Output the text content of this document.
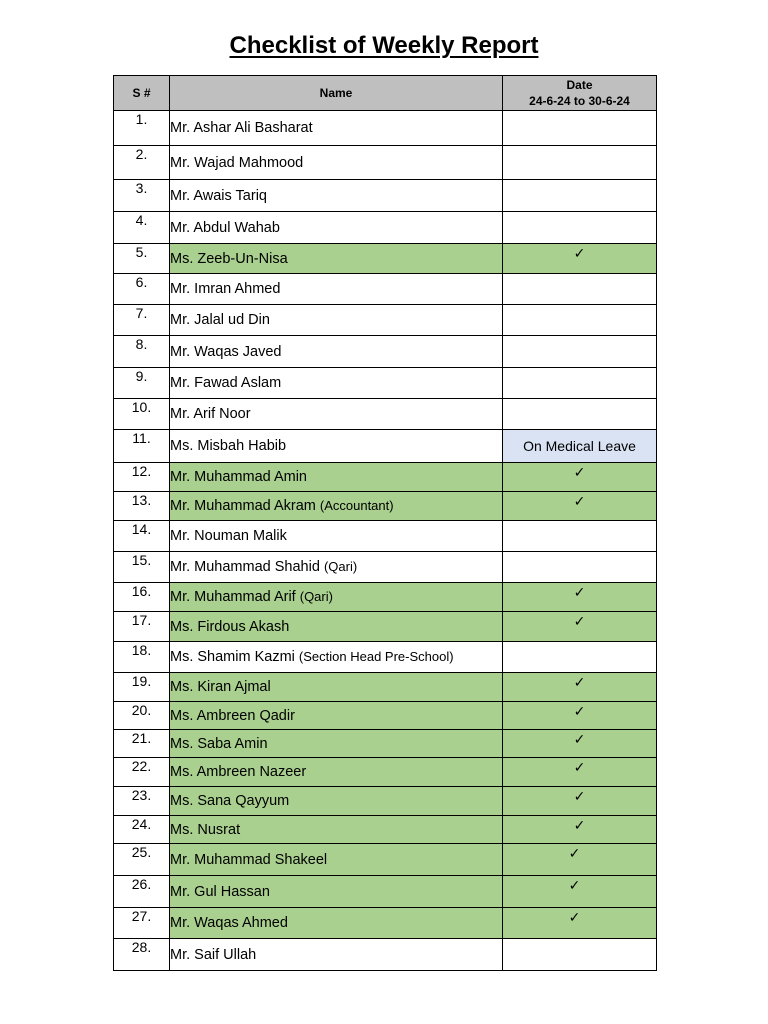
Checklist of Weekly Report
S #	Name	Date
24-6-24 to 30-6-24

1.	Mr. Ashar Ali Basharat	
2.	Mr. Wajad Mahmood	
3.	Mr. Awais Tariq	
4.	Mr. Abdul Wahab	
5.	Ms. Zeeb-Un-Nisa	✓
6.	Mr. Imran Ahmed	
7.	Mr. Jalal ud Din	
8.	Mr. Waqas Javed	
9.	Mr. Fawad Aslam	
10.	Mr. Arif Noor	
11.	Ms. Misbah Habib	On Medical Leave
12.	Mr. Muhammad Amin	✓
13.	Mr. Muhammad Akram (Accountant)	✓
14.	Mr. Nouman Malik	
15.	Mr. Muhammad Shahid (Qari)	
16.	Mr. Muhammad Arif (Qari)	✓
17.	Ms. Firdous Akash	✓
18.	Ms. Shamim Kazmi (Section Head Pre-School)	
19.	Ms. Kiran Ajmal	✓
20.	Ms. Ambreen Qadir	✓
21.	Ms. Saba Amin	✓
22.	Ms. Ambreen Nazeer	✓
23.	Ms. Sana Qayyum	✓
24.	Ms. Nusrat	✓
25.	Mr. Muhammad Shakeel	✓
26.	Mr. Gul Hassan	✓
27.	Mr. Waqas Ahmed	✓
28.	Mr. Saif Ullah	
